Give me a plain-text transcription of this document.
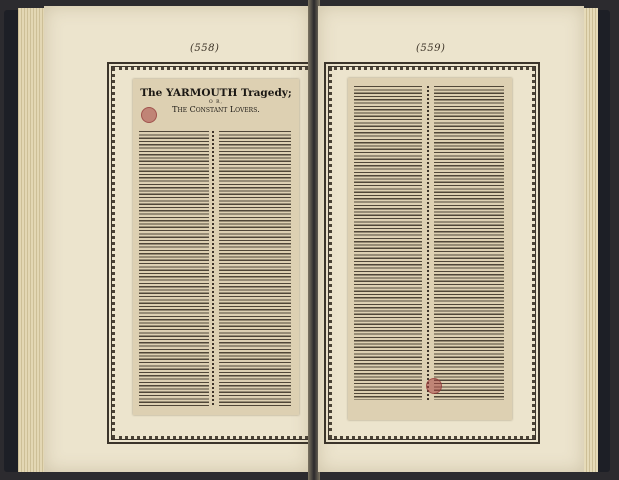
(558)
The YARMOUTH Tragedy;
O R,
The Constant Lovers.
(559)
